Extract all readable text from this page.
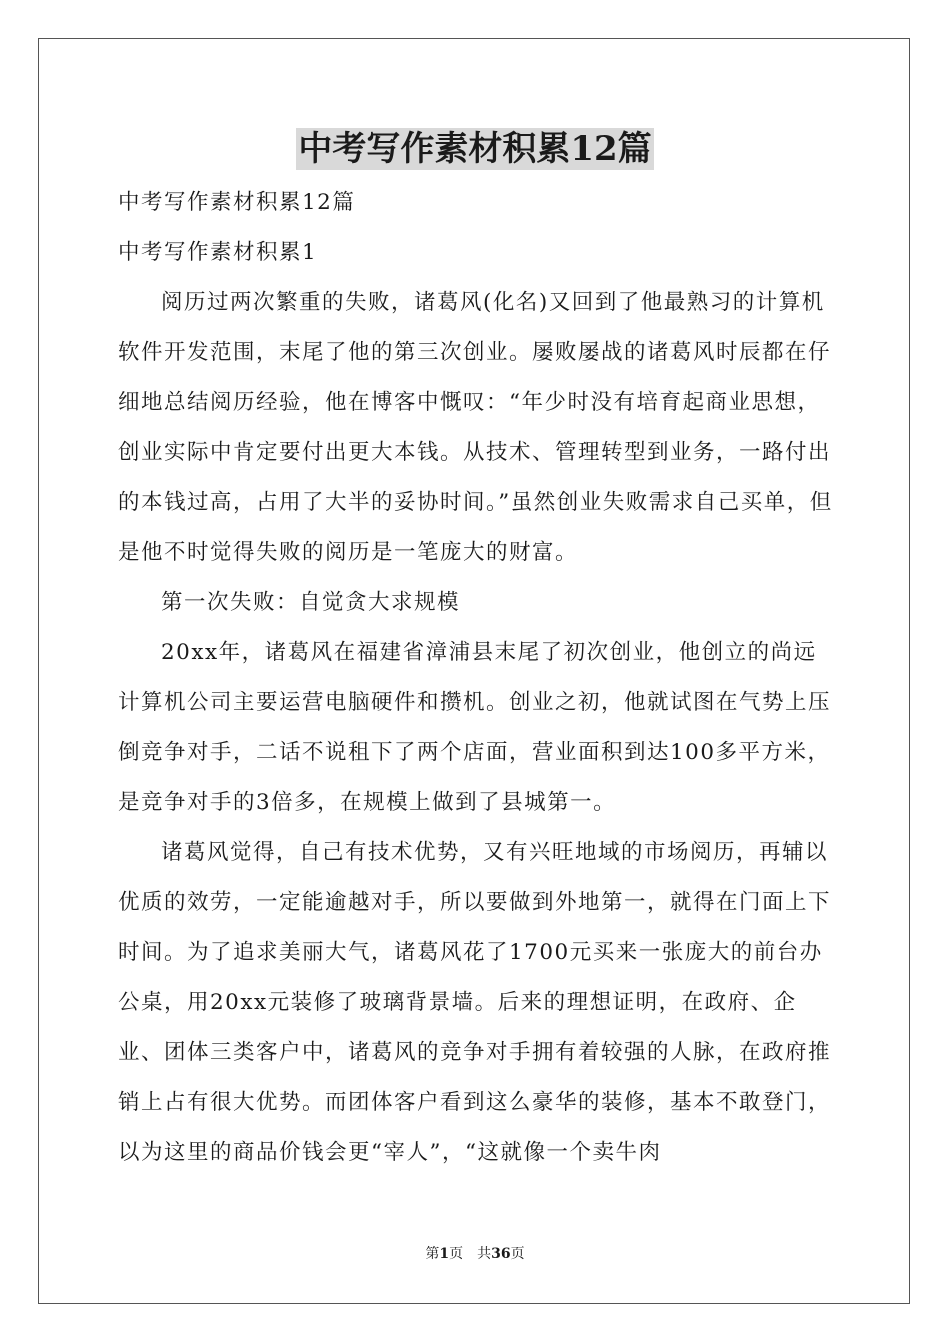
中考写作素材积累12篇

中考写作素材积累12篇

中考写作素材积累1

阅历过两次繁重的失败，诸葛风(化名)又回到了他最熟习的计算机软件开发范围，末尾了他的第三次创业。屡败屡战的诸葛风时辰都在仔细地总结阅历经验，他在博客中慨叹：“年少时没有培育起商业思想，创业实际中肯定要付出更大本钱。从技术、管理转型到业务，一路付出的本钱过高，占用了大半的妥协时间。”虽然创业失败需求自己买单，但是他不时觉得失败的阅历是一笔庞大的财富。

第一次失败：自觉贪大求规模

20xx年，诸葛风在福建省漳浦县末尾了初次创业，他创立的尚远计算机公司主要运营电脑硬件和攒机。创业之初，他就试图在气势上压倒竞争对手，二话不说租下了两个店面，营业面积到达100多平方米，是竞争对手的3倍多，在规模上做到了县城第一。

诸葛风觉得，自己有技术优势，又有兴旺地域的市场阅历，再辅以优质的效劳，一定能逾越对手，所以要做到外地第一，就得在门面上下时间。为了追求美丽大气，诸葛风花了1700元买来一张庞大的前台办公桌，用20xx元装修了玻璃背景墙。后来的理想证明，在政府、企业、团体三类客户中，诸葛风的竞争对手拥有着较强的人脉，在政府推销上占有很大优势。而团体客户看到这么豪华的装修，基本不敢登门，以为这里的商品价钱会更“宰人”，“这就像一个卖牛肉

第1页　共36页
